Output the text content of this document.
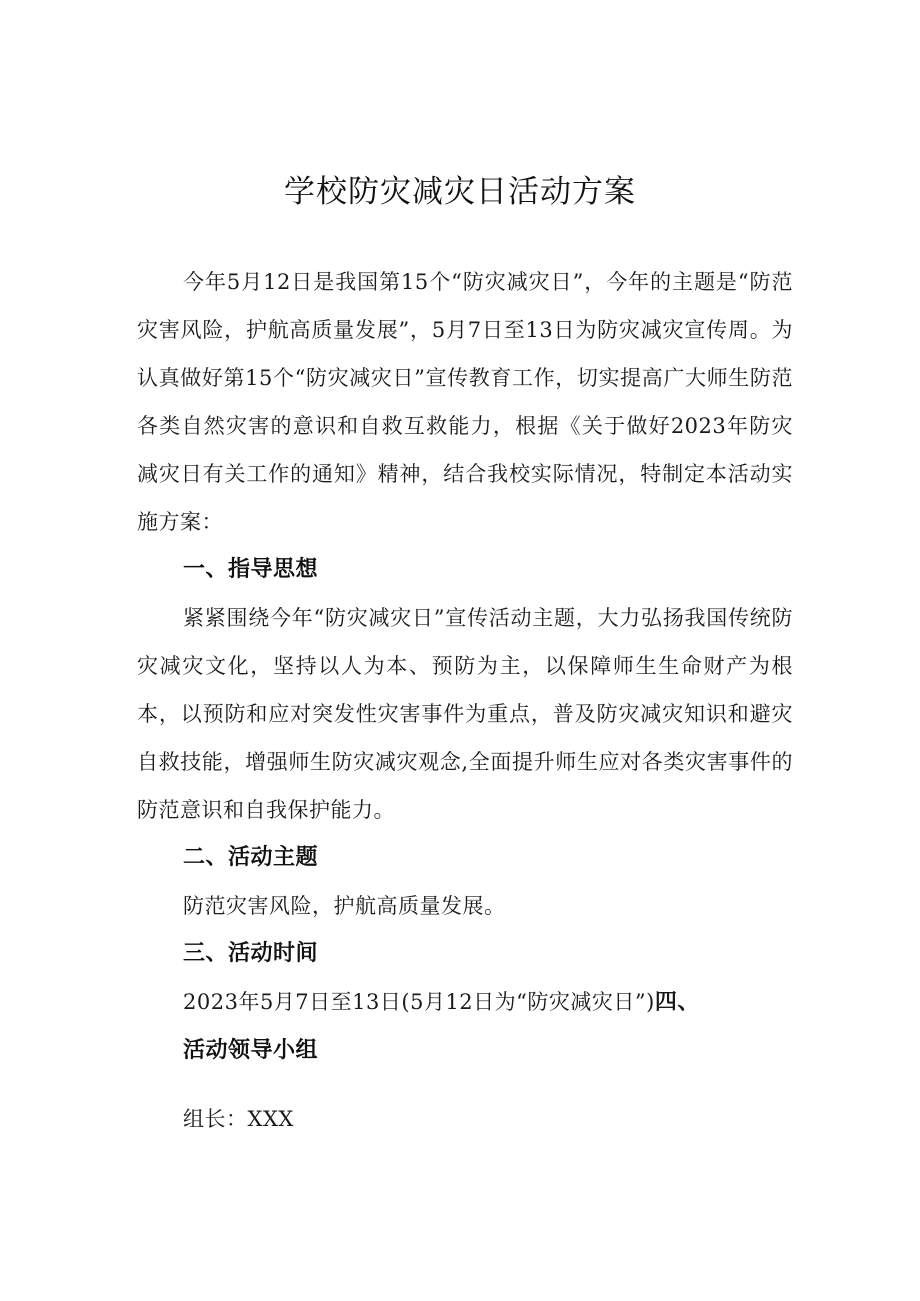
学校防灾减灾日活动方案

今年5月12日是我国第15个“防灾减灾日”，今年的主题是“防范灾害风险，护航高质量发展”，5月7日至13日为防灾减灾宣传周。为认真做好第15个“防灾减灾日”宣传教育工作，切实提高广大师生防范各类自然灾害的意识和自救互救能力，根据《关于做好2023年防灾减灾日有关工作的通知》精神，结合我校实际情况，特制定本活动实施方案：

一、指导思想

紧紧围绕今年“防灾减灾日”宣传活动主题，大力弘扬我国传统防灾减灾文化，坚持以人为本、预防为主，以保障师生生命财产为根本，以预防和应对突发性灾害事件为重点，普及防灾减灾知识和避灾自救技能，增强师生防灾减灾观念,全面提升师生应对各类灾害事件的防范意识和自我保护能力。

二、活动主题

防范灾害风险，护航高质量发展。

三、活动时间

2023年5月7日至13日(5月12日为“防灾减灾日”)四、

活动领导小组

组长：XXX
